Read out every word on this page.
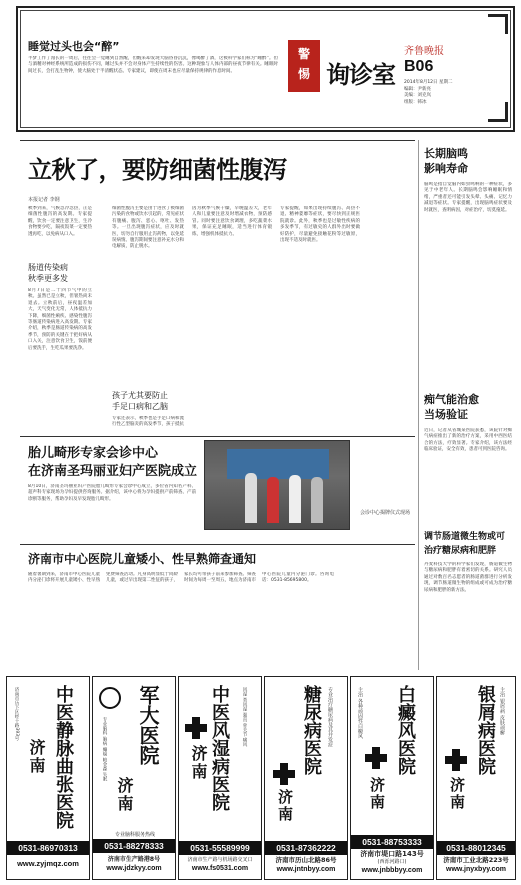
睡觉过头也会“醉”
半梦工作了漫长的一周后，往往会一觉睡到自然醒，但醒来却发现大脑昏昏沉沉，像喝醉了酒，这被科学家们称为“睡醉”。但与酒精对神经系统所造成的损伤不同，睡过头并不会对身体产生持续性的伤害。这种现象与人体内部的昼夜节律有关。睡眠时间过长，会打乱生物钟，使大脑处于半清醒状态。专家建议，即使在周末也应尽量保持规律的作息时间。
警
惕 询诊室
齐鲁晚报
B06
2014年8月12日 星期二
编辑：尹新亮
美编：刘克岚
组版：韩冰
立秋了，要防细菌性腹泻
本报记者 李钢
秋季到来，气候忽冷忽热，正是细菌性腹泻的高发期。专家提醒，饮食一定要注意卫生，生冷食物要少吃，隔夜饭菜一定要热透再吃，以免病从口入。
肠道传染病
秋季更多发
8月7日是二十四节气中的立秋。虽然已是立秋，但暑热尚未退去。立秋前后，昼夜温差加大，天气变化无常，人体抵抗力下降，细菌性痢疾、感染性腹泻等肠道传染病进入高发期。专家介绍，秋季是肠道传染病的高发季节，预防的关键在于把好病从口入关，注意饮食卫生，饭前便后要洗手，生吃瓜果要洗净。
细菌性腹泻主要是由于进食了被细菌污染的食物或饮水引起的，常见症状有腹痛、腹泻、恶心、呕吐、发热等。一旦出现腹泻症状，应及时就医，切勿自行服用止泻药物，以免延误病情。腹泻期间要注意补充水分和电解质，防止脱水。
孩子尤其要防止
手足口病和乙脑
专家还表示，秋季也是手足口病和流行性乙型脑炎的高发季节，孩子抵抗
因为秋季气候干燥，早晚温差大，老年人和儿童要注意及时增减衣物，预防感冒。同时要注意饮食调理，多吃蔬菜水果，保证充足睡眠，适当进行体育锻炼，增强机体抵抗力。
专家提醒，如果出现持续腹泻、高热不退、精神萎靡等症状，要尽快到正规医院就诊。此外，秋季也是过敏性疾病的多发季节，有过敏史的人群外出时要做好防护，尽量避免接触花粉等过敏原，出现不适及时就医。
长期脑鸣
影响寿命
脑鸣是指自觉脑内如虫鸣响的一种症状，多见于中老年人。长期脑鸣会影响睡眠和情绪，严重者还可能引发头晕、头痛、记忆力减退等症状。专家提醒，出现脑鸣症状要及时就医，查明病因，对症治疗，切莫拖延。
痴气能治愈
当场验证
近日，记者从省城某医院获悉，该院针对痴气病症推出了新的治疗方案，采用中西医结合的方法，疗效显著。专家介绍，该方法经临床验证，安全有效，患者可到医院咨询。
调节肠道微生物或可
治疗糖尿病和肥胖
丹麦科技大学的科学家们发现，肠道微生物与糖尿病和肥胖有着密切的关系。研究人员通过对数百名志愿者的肠道菌群进行分析发现，调节肠道微生物的组成或可成为治疗糖尿病和肥胖的新方法。
胎儿畸形专家会诊中心
在济南圣玛丽亚妇产医院成立
8月10日，济南圣玛丽亚妇产医院胎儿畸形专家会诊中心成立，多位省内知名产科、超声科专家现场为孕妇提供咨询服务。据介绍，该中心将为孕妇提供产前筛查、产前诊断等服务，帮助孕妇及早发现胎儿畸形。
会诊中心揭牌仪式现场
济南市中心医院儿童矮小、性早熟筛查通知
随着暑期到来，济南市中心医院儿童内分泌门诊将开展儿童矮小、性早熟免费筛查活动。凡身高明显低于同龄儿童，或过早出现第二性征的孩子，家长均可带孩子前来参加筛查。筛查时间为每周一至周五，地点为济南市中心医院儿童内分泌门诊。咨询电话：0531-85695800。
济南市历下区经十路393号 中医静脉曲张医院
济南
0531-86970313
www.zyjmqz.com
专业脑科 脑病 癫痫 帕金森 失眠 军大医院
济南
专业脑科服务热线
0531-88278333
济南市生产路港8号
www.jdzkyy.com
风湿 类风湿 强直 骨关节 痛风
中医风湿病医院
济南
0531-55589999
济南市生产路与机场路交叉口
www.fs0531.com
专业治疗糖尿病及其并发症
糖尿病医院
济南
0531-87362222
济南市历山北路86号
www.jntnbyy.com
主治 各种顽固性白癜风 白癜风医院
济南
0531-88753333
济南市堤口路143号
(西泺河路口)
www.jnbbbyy.com
主治 银屑病 皮肤顽癣
银屑病医院
济南
0531-88012345
济南市工业北路223号
www.jnyxbyy.com
